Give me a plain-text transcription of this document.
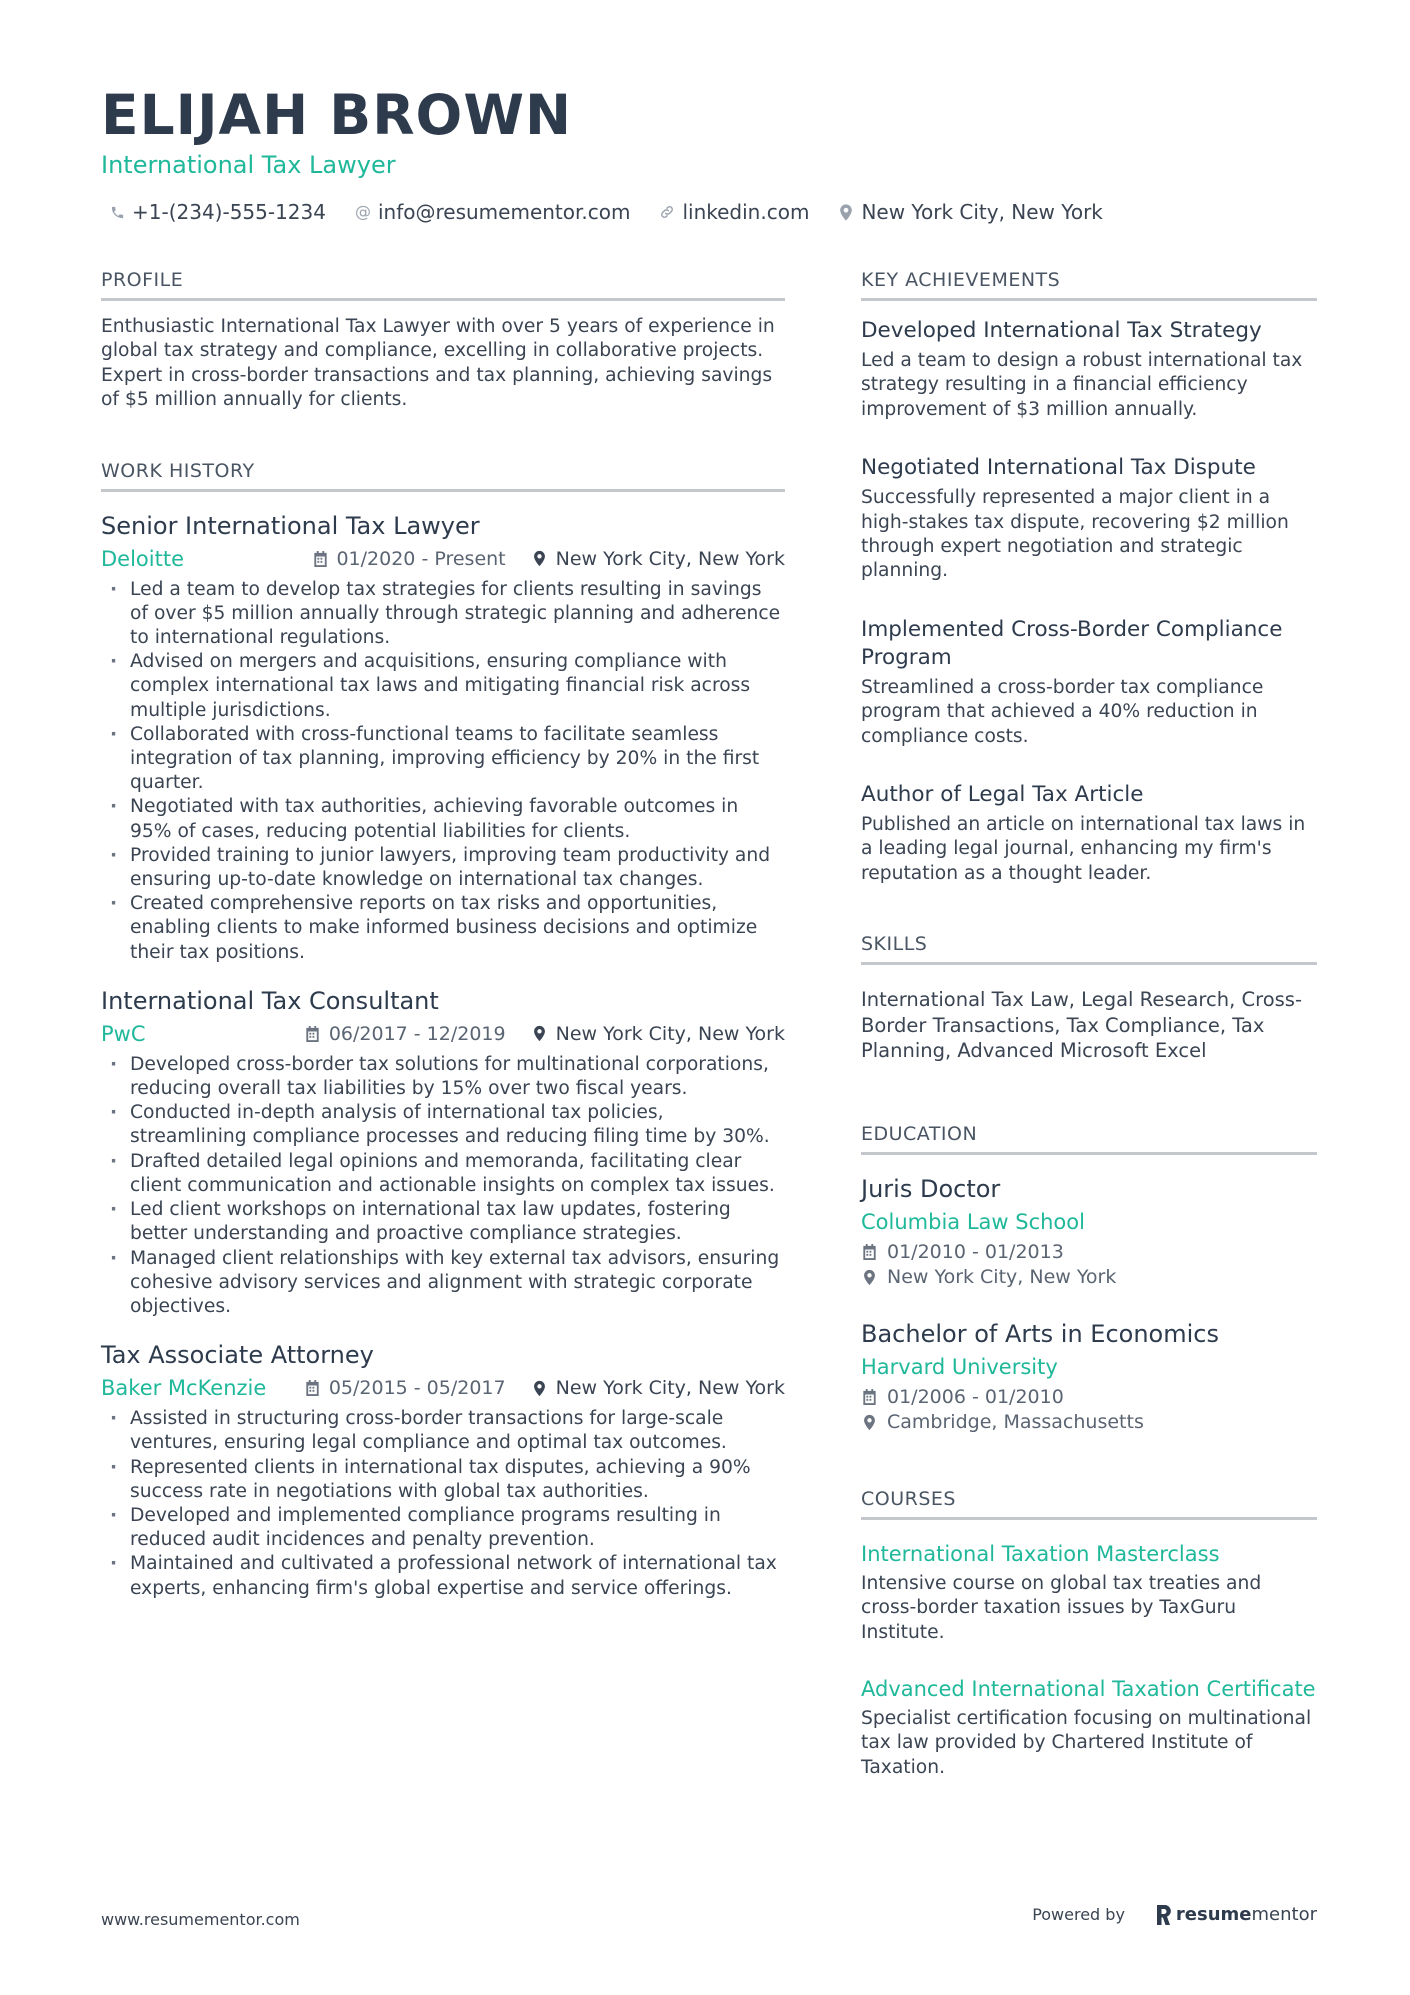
ELIJAH BROWN
International Tax Lawyer
+1-(234)-555-1234 @ info@resumementor.com	linkedin.com	New York City, New York
PROFILE

Enthusiastic International Tax Lawyer with over 5 years of experience in global tax strategy and compliance, excelling in collaborative projects. Expert in cross-border transactions and tax planning, achieving savings of $5 million annually for clients.

WORK HISTORY
Senior International Tax Lawyer
Deloitte	01/2020 - Present	New York City, New York
· Led a team to develop tax strategies for clients resulting in savings of over $5 million annually through strategic planning and adherence to international regulations.
· Advised on mergers and acquisitions, ensuring compliance with complex international tax laws and mitigating financial risk across multiple jurisdictions.
· Collaborated with cross-functional teams to facilitate seamless integration of tax planning, improving efficiency by 20% in the first quarter.
· Negotiated with tax authorities, achieving favorable outcomes in 95% of cases, reducing potential liabilities for clients.
· Provided training to junior lawyers, improving team productivity and ensuring up-to-date knowledge on international tax changes.
· Created comprehensive reports on tax risks and opportunities, enabling clients to make informed business decisions and optimize their tax positions.
International Tax Consultant
PwC	06/2017 - 12/2019	New York City, New York
· Developed cross-border tax solutions for multinational corporations, reducing overall tax liabilities by 15% over two fiscal years.
· Conducted in-depth analysis of international tax policies, streamlining compliance processes and reducing filing time by 30%.
· Drafted detailed legal opinions and memoranda, facilitating clear client communication and actionable insights on complex tax issues.
· Led client workshops on international tax law updates, fostering better understanding and proactive compliance strategies.
· Managed client relationships with key external tax advisors, ensuring cohesive advisory services and alignment with strategic corporate objectives.
Tax Associate Attorney
Baker McKenzie	05/2015 - 05/2017	New York City, New York
· Assisted in structuring cross-border transactions for large-scale ventures, ensuring legal compliance and optimal tax outcomes.
· Represented clients in international tax disputes, achieving a 90% success rate in negotiations with global tax authorities.
· Developed and implemented compliance programs resulting in reduced audit incidences and penalty prevention.
· Maintained and cultivated a professional network of international tax experts, enhancing firm's global expertise and service offerings.
KEY ACHIEVEMENTS
Developed International Tax Strategy
Led a team to design a robust international tax strategy resulting in a financial efficiency improvement of $3 million annually.
Negotiated International Tax Dispute
Successfully represented a major client in a high-stakes tax dispute, recovering $2 million through expert negotiation and strategic planning.
Implemented Cross-Border Compliance Program
Streamlined a cross-border tax compliance program that achieved a 40% reduction in compliance costs.
Author of Legal Tax Article
Published an article on international tax laws in a leading legal journal, enhancing my firm's reputation as a thought leader.
SKILLS

International Tax Law, Legal Research, Cross-Border Transactions, Tax Compliance, Tax Planning, Advanced Microsoft Excel

EDUCATION
Juris Doctor
Columbia Law School
01/2010 - 01/2013
New York City, New York
Bachelor of Arts in Economics
Harvard University
01/2006 - 01/2010
Cambridge, Massachusetts
COURSES
International Taxation Masterclass
Intensive course on global tax treaties and cross-border taxation issues by TaxGuru Institute.
Advanced International Taxation Certificate
Specialist certification focusing on multinational tax law provided by Chartered Institute of Taxation.
www.resumementor.com	Powered by	resume mentor
